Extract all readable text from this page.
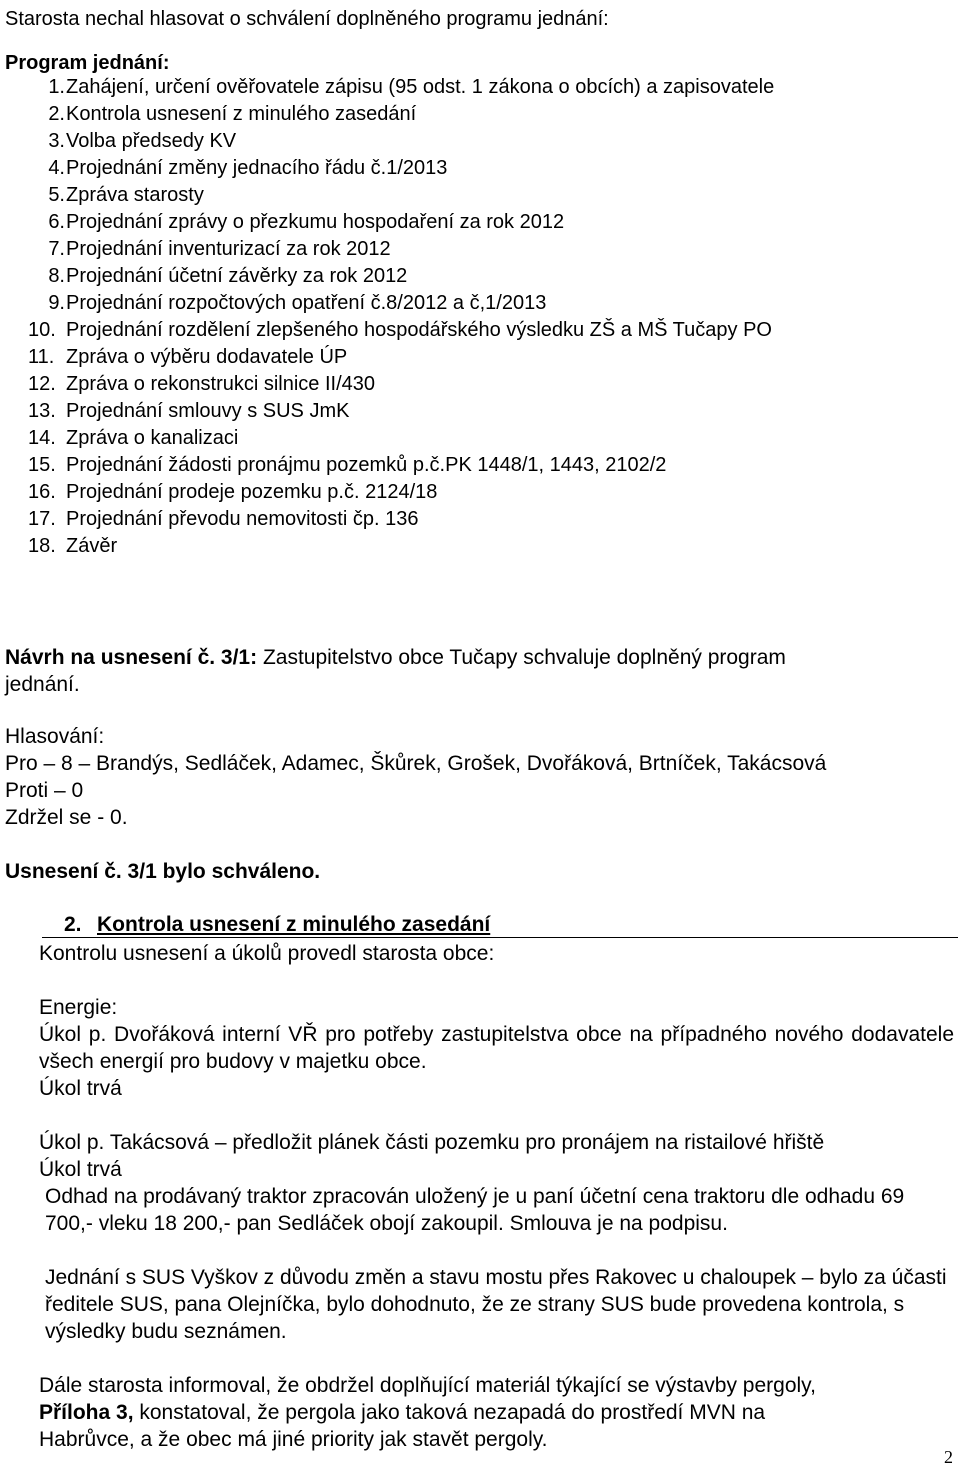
Starosta nechal hlasovat o schválení doplněného programu jednání:
Program jednání:
1. Zahájení, určení ověřovatele zápisu (95 odst. 1 zákona o obcích) a zapisovatele
2. Kontrola usnesení z minulého zasedání
3. Volba předsedy KV
4. Projednání změny jednacího řádu č.1/2013
5. Zpráva starosty
6. Projednání zprávy o přezkumu hospodaření za rok 2012
7. Projednání inventurizací za rok 2012
8. Projednání účetní závěrky za rok 2012
9. Projednání rozpočtových opatření č.8/2012 a č,1/2013
10. Projednání rozdělení zlepšeného hospodářského výsledku ZŠ a MŠ Tučapy PO
11. Zpráva o výběru dodavatele ÚP
12. Zpráva o rekonstrukci silnice II/430
13. Projednání smlouvy s SUS JmK
14. Zpráva o kanalizaci
15. Projednání žádosti pronájmu pozemků p.č.PK 1448/1, 1443, 2102/2
16. Projednání prodeje pozemku p.č. 2124/18
17. Projednání převodu nemovitosti čp. 136
18. Závěr
Návrh na usnesení č. 3/1: Zastupitelstvo obce Tučapy schvaluje doplněný program
jednání.
Hlasování:
Pro – 8 – Brandýs, Sedláček, Adamec, Škůrek, Grošek, Dvořáková, Brtníček, Takácsová
Proti – 0
Zdržel se - 0.
Usnesení č. 3/1 bylo schváleno.
2. Kontrola usnesení z minulého zasedání
Kontrolu usnesení a úkolů provedl starosta obce:
Energie:
Úkol p. Dvořáková interní VŘ pro potřeby zastupitelstva obce na případného nového dodavatele všech energií pro budovy v majetku obce.
Úkol trvá
Úkol p. Takácsová – předložit plánek části pozemku pro pronájem na ristailové hřiště
Úkol trvá
Odhad na prodávaný traktor zpracován uložený je u paní účetní cena traktoru dle odhadu 69 700,- vleku 18 200,- pan Sedláček obojí zakoupil. Smlouva je na podpisu.
Jednání s SUS Vyškov z důvodu změn a stavu mostu přes Rakovec u chaloupek – bylo za účasti ředitele SUS, pana Olejníčka, bylo dohodnuto, že ze strany SUS bude provedena kontrola, s výsledky budu seznámen.
Dále starosta informoval, že obdržel doplňující materiál týkající se výstavby pergoly,
Příloha 3, konstatoval, že pergola jako taková nezapadá do prostředí MVN na
Habrůvce, a že obec má jiné priority jak stavět pergoly.
2
